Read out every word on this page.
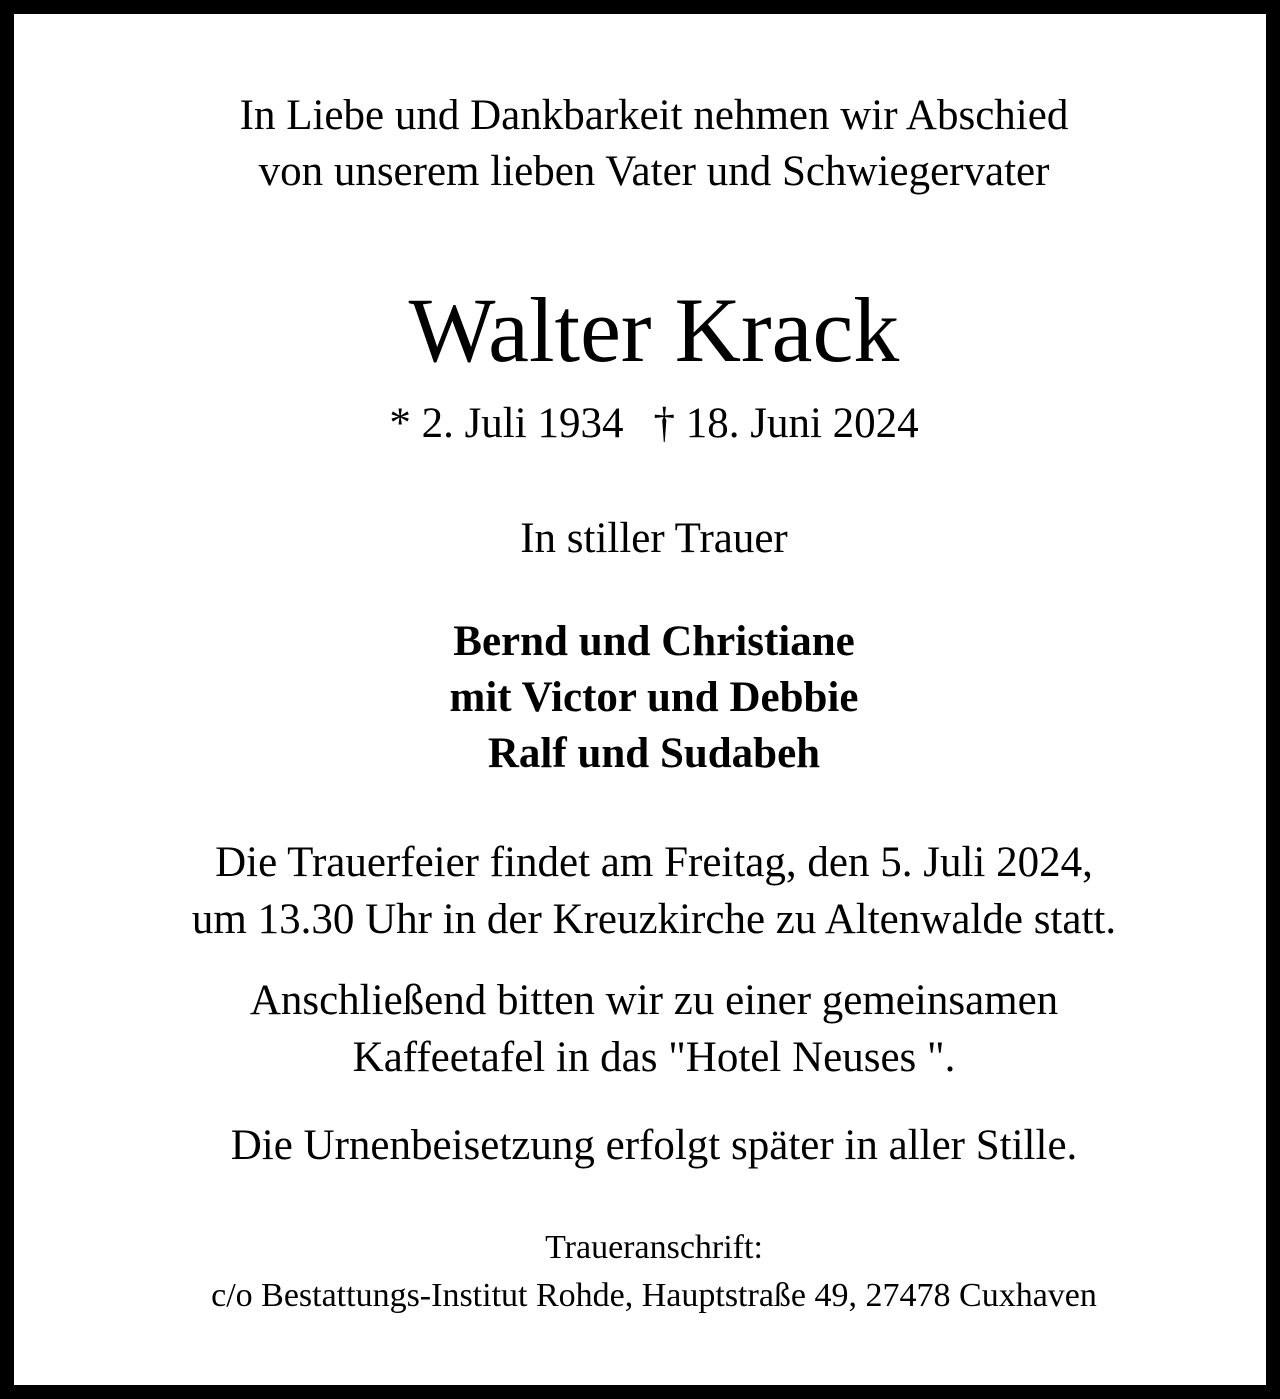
In Liebe und Dankbarkeit nehmen wir Abschied

von unserem lieben Vater und Schwiegervater

Walter Krack

* 2. Juli 1934 † 18. Juni 2024

In stiller Trauer

Bernd und Christiane

mit Victor und Debbie

Ralf und Sudabeh

Die Trauerfeier findet am Freitag, den 5. Juli 2024,

um 13.30 Uhr in der Kreuzkirche zu Altenwalde statt.

Anschließend bitten wir zu einer gemeinsamen

Kaffeetafel in das "Hotel Neuses ".

Die Urnenbeisetzung erfolgt später in aller Stille.

Traueranschrift:

c/o Bestattungs-Institut Rohde, Hauptstraße 49, 27478 Cuxhaven
